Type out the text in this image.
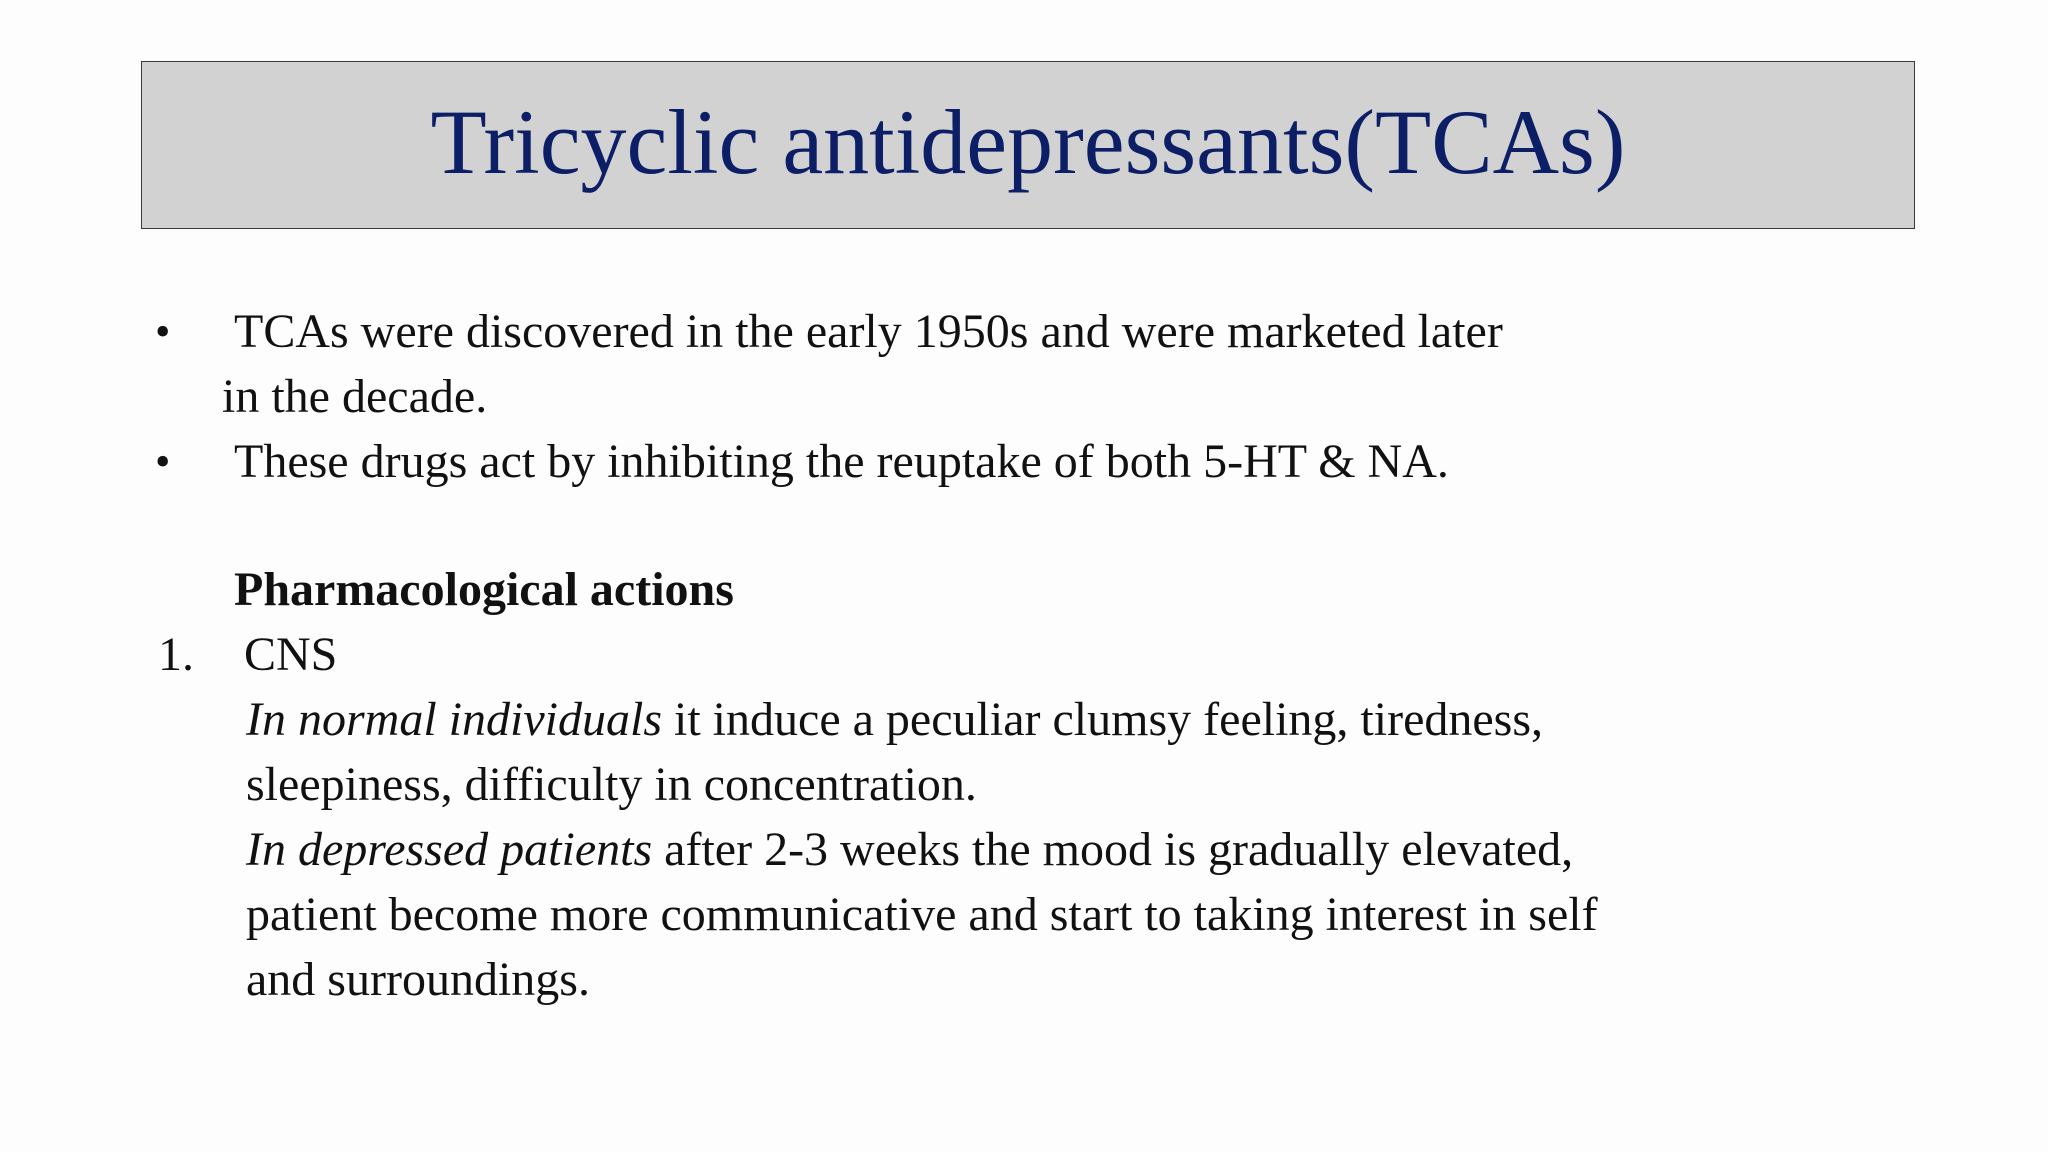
Tricyclic antidepressants(TCAs)
• TCAs were discovered in the early 1950s and were marketed later
in the decade.
• These drugs act by inhibiting the reuptake of both 5-HT & NA.
Pharmacological actions
1. CNS
In normal individuals it induce a peculiar clumsy feeling, tiredness,
sleepiness, difficulty in concentration.
In depressed patients after 2-3 weeks the mood is gradually elevated,
patient become more communicative and start to taking interest in self
and surroundings.
